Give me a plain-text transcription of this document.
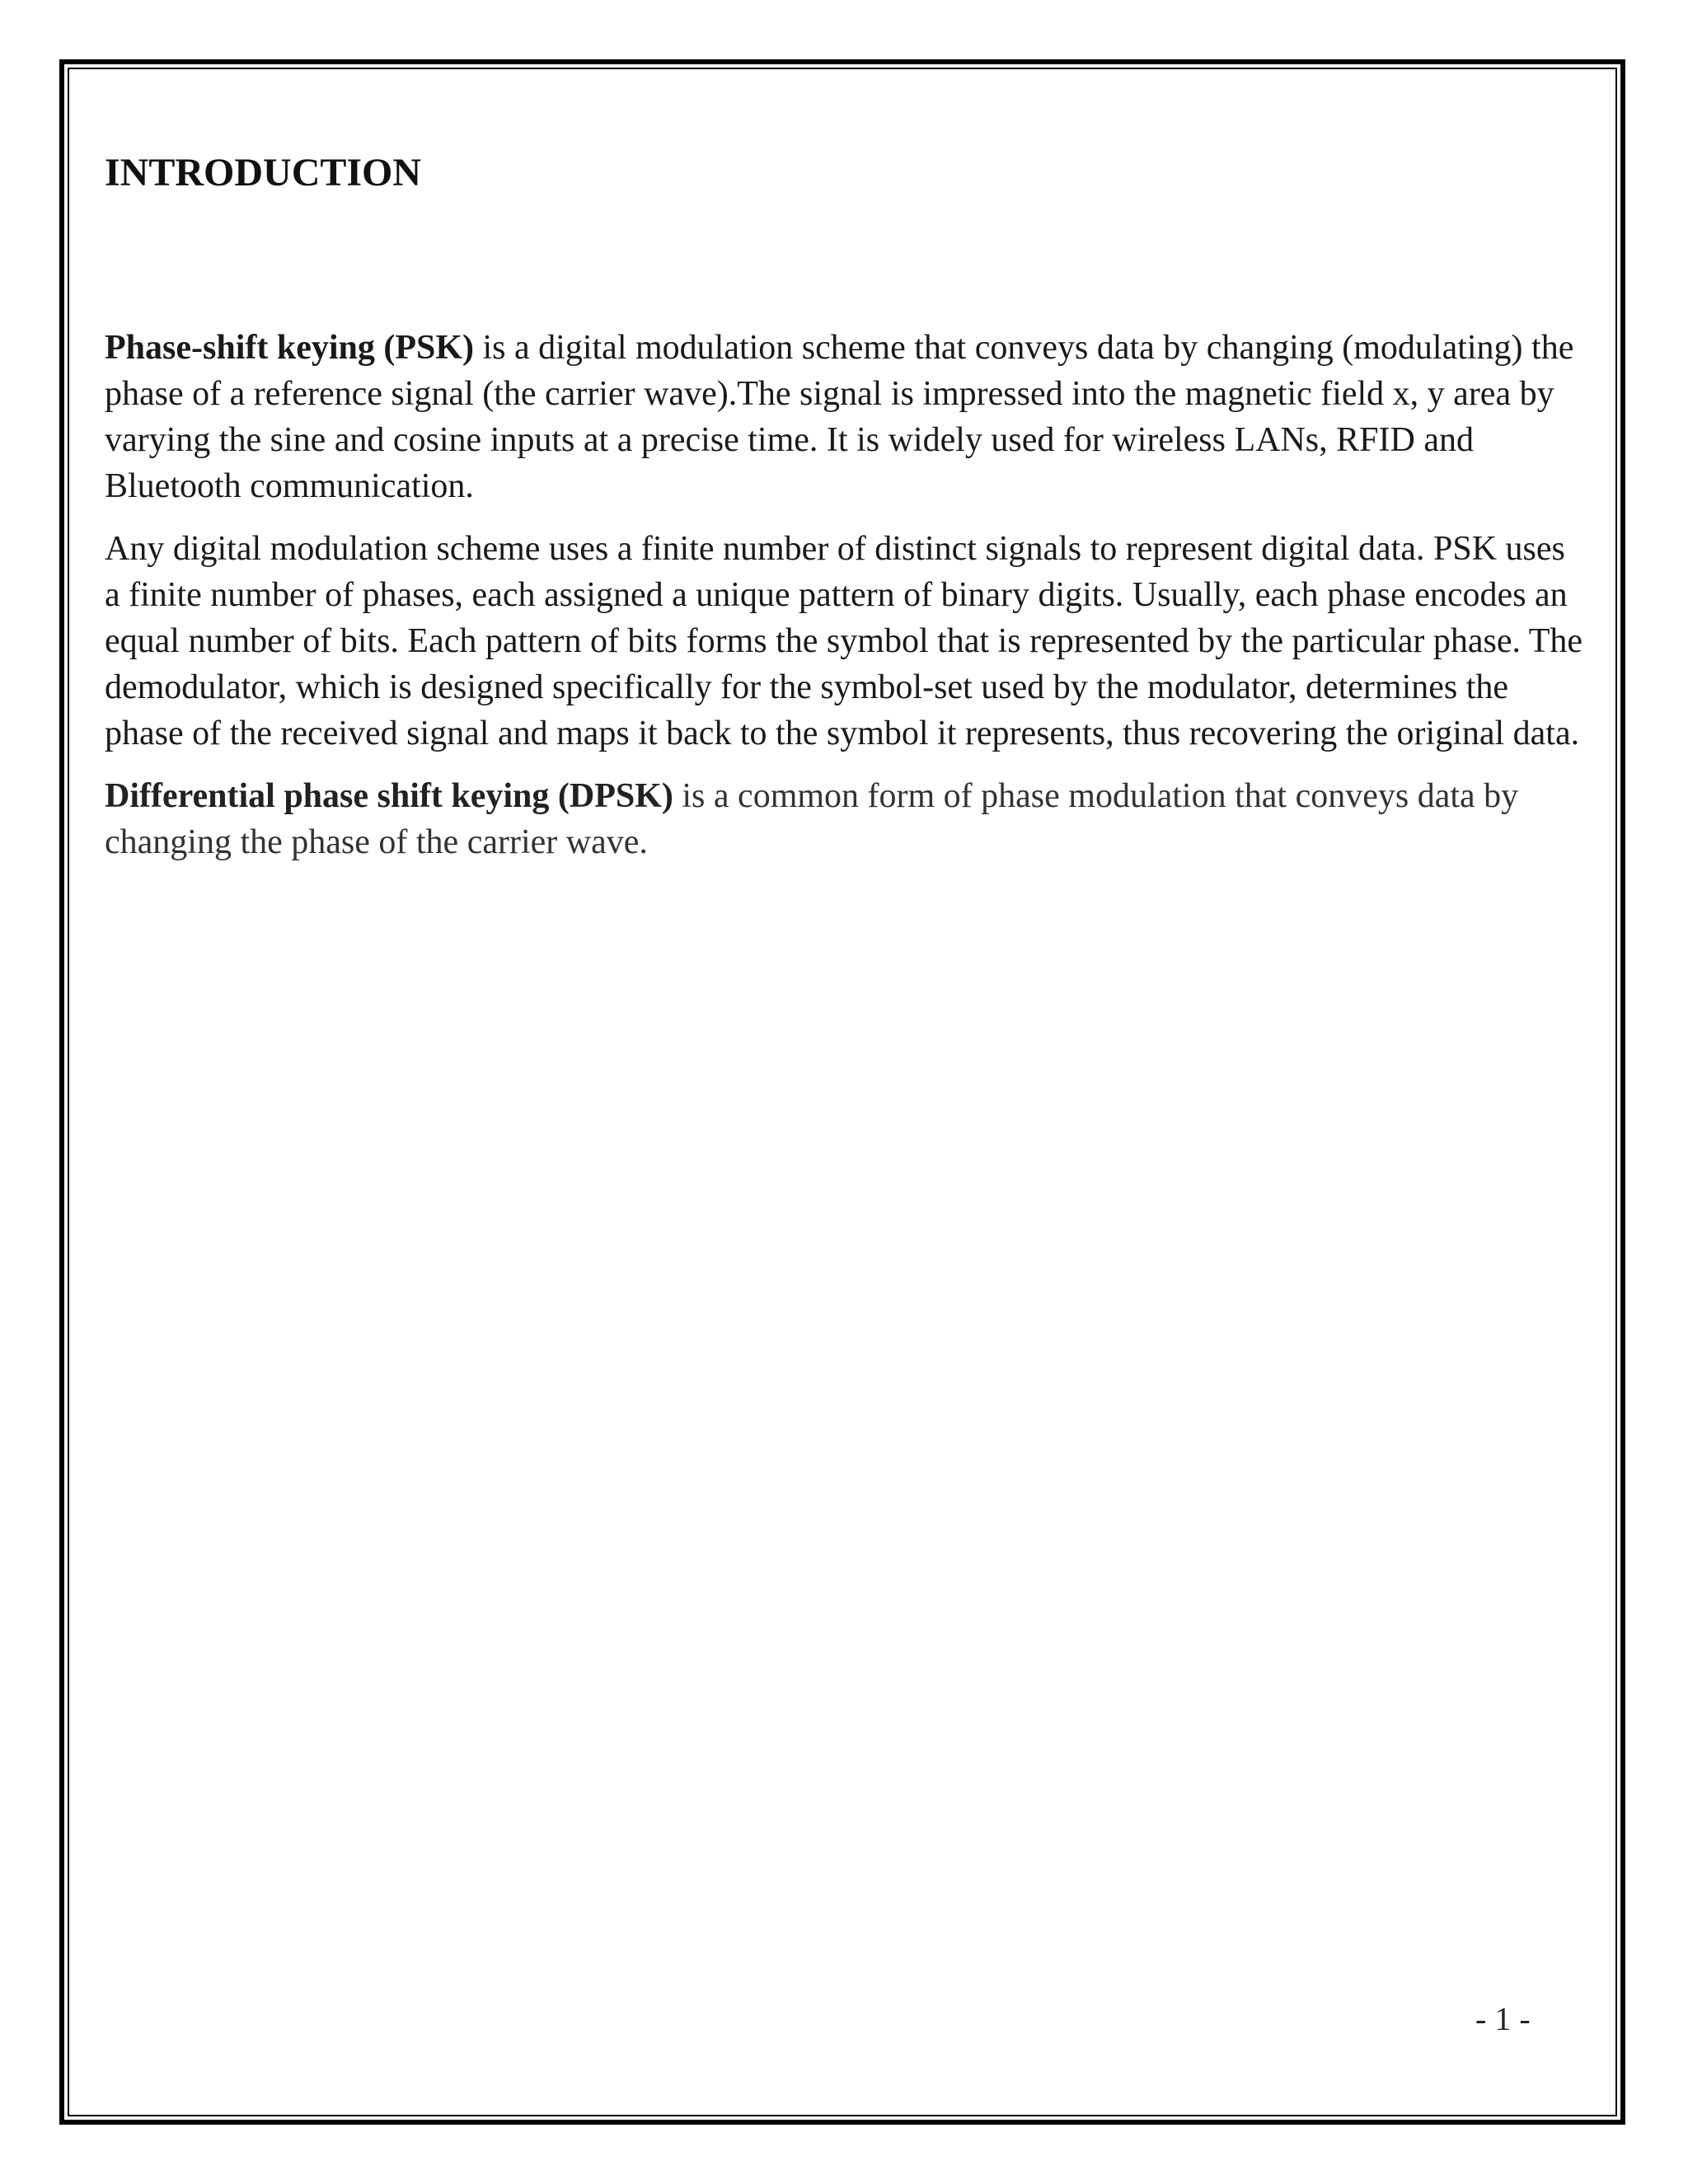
INTRODUCTION

Phase-shift keying (PSK) is a digital modulation scheme that conveys data by changing (modulating) the phase of a reference signal (the carrier wave).The signal is impressed into the magnetic field x, y area by varying the sine and cosine inputs at a precise time. It is widely used for wireless LANs, RFID and Bluetooth communication.

Any digital modulation scheme uses a finite number of distinct signals to represent digital data. PSK uses a finite number of phases, each assigned a unique pattern of binary digits. Usually, each phase encodes an equal number of bits. Each pattern of bits forms the symbol that is represented by the particular phase. The demodulator, which is designed specifically for the symbol-set used by the modulator, determines the phase of the received signal and maps it back to the symbol it represents, thus recovering the original data.

Differential phase shift keying (DPSK) is a common form of phase modulation that conveys data by changing the phase of the carrier wave.

- 1 -
